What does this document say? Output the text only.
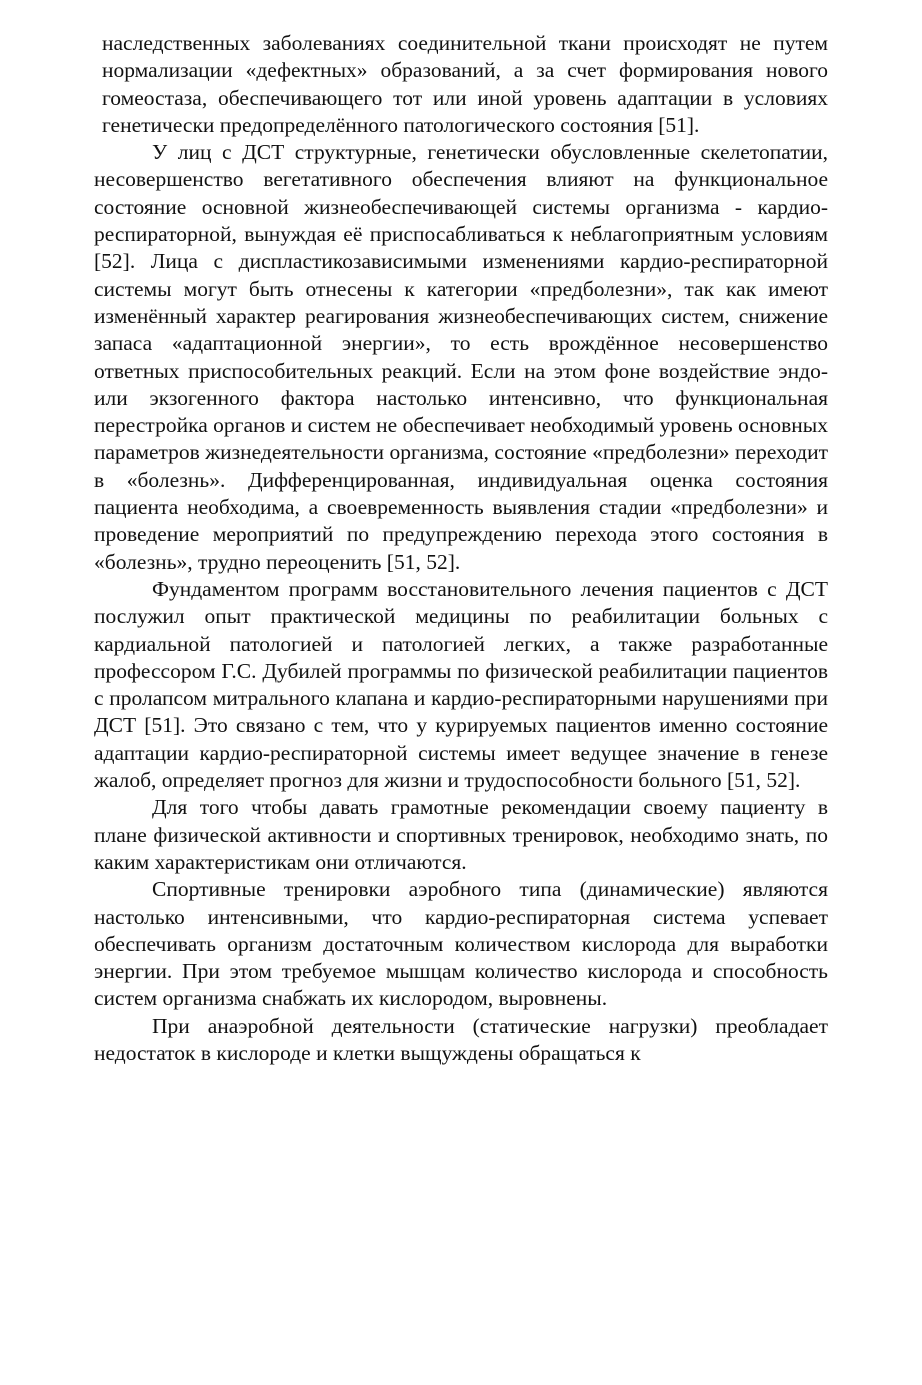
наследственных заболеваниях соединительной ткани происходят не путем нормализации «дефектных» образований, а за счет формирования нового гомеостаза, обеспечивающего тот или иной уровень адаптации в условиях генетически предопределённого патологического состояния [51].

У лиц с ДСТ структурные, генетически обусловленные скелетопатии, несовершенство вегетативного обеспечения влияют на функциональное состояние основной жизнеобеспечивающей системы организма - кардио-респираторной, вынуждая её приспосабливаться к неблагоприятным условиям [52]. Лица с диспластикозависимыми изменениями кардио-респираторной системы могут быть отнесены к категории «предболезни», так как имеют изменённый характер реагирования жизнеобеспечивающих систем, снижение запаса «адаптационной энергии», то есть врождённое несовершенство ответных приспособительных реакций. Если на этом фоне воздействие эндо- или экзогенного фактора настолько интенсивно, что функциональная перестройка органов и систем не обеспечивает необходимый уровень основных параметров жизнедеятельности организма, состояние «предболезни» переходит в «болезнь». Дифференцированная, индивидуальная оценка состояния пациента необходима, а своевременность выявления стадии «предболезни» и проведение мероприятий по предупреждению перехода этого состояния в «болезнь», трудно переоценить [51, 52].

Фундаментом программ восстановительного лечения пациентов с ДСТ послужил опыт практической медицины по реабилитации больных с кардиальной патологией и патологией легких, а также разработанные профессором Г.С. Дубилей программы по физической реабилитации пациентов с пролапсом митрального клапана и кардио-респираторными нарушениями при ДСТ [51]. Это связано с тем, что у курируемых пациентов именно состояние адаптации кардио-респираторной системы имеет ведущее значение в генезе жалоб, определяет прогноз для жизни и трудоспособности больного [51, 52].

Для того чтобы давать грамотные рекомендации своему пациенту в плане физической активности и спортивных тренировок, необходимо знать, по каким характеристикам они отличаются.

Спортивные тренировки аэробного типа (динамические) являются настолько интенсивными, что кардио-респираторная система успевает обеспечивать организм достаточным количеством кислорода для выработки энергии. При этом требуемое мышцам количество кислорода и способность систем организма снабжать их кислородом, выровнены.

При анаэробной деятельности (статические нагрузки) преобладает недостаток в кислороде и клетки выщуждены обращаться к
